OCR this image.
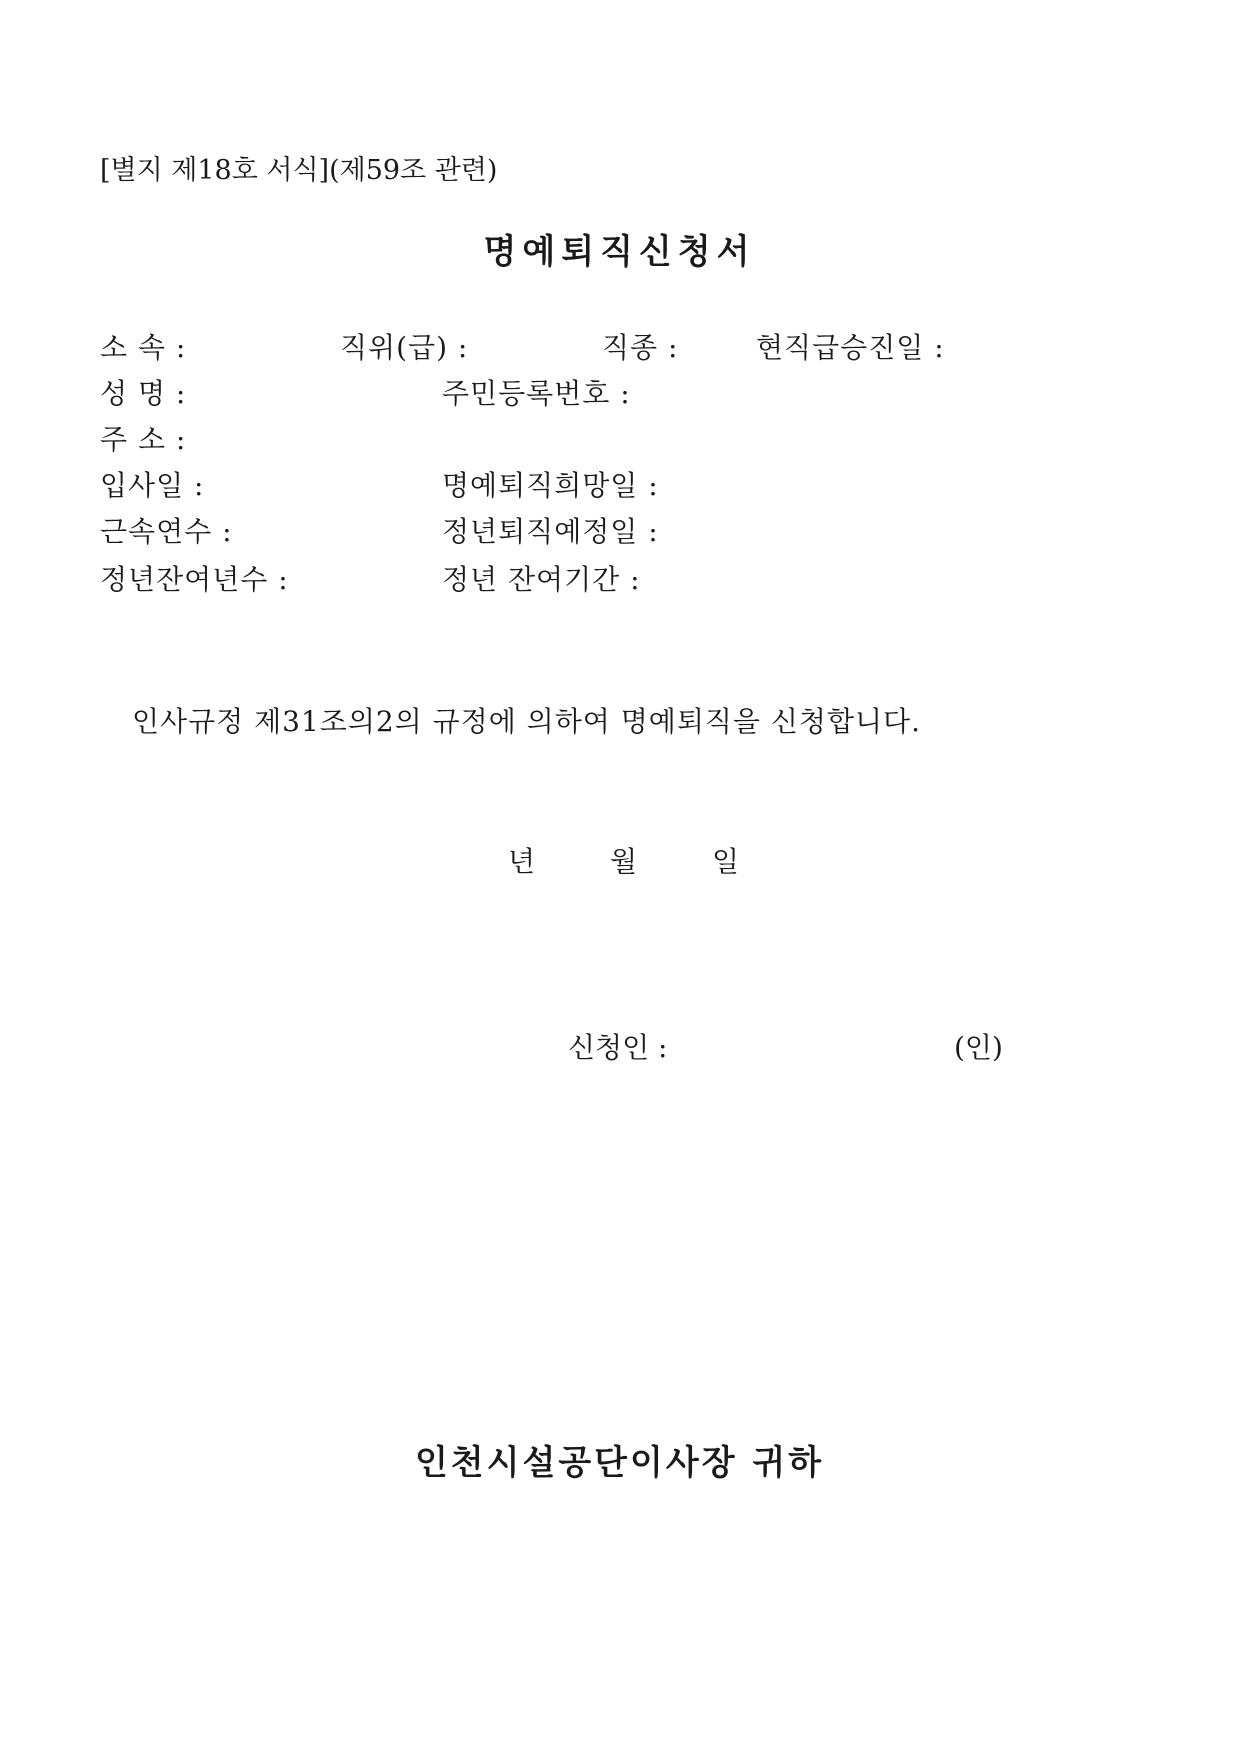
[별지 제18호 서식](제59조 관련)
명예퇴직신청서
소 속 :	직위(급) :	직종 :	현직급승진일 :
성 명 :	주민등록번호 :
주 소 :
입사일 :	명예퇴직희망일 :
근속연수 :	정년퇴직예정일 :
정년잔여년수 :	정년 잔여기간 :
인사규정 제31조의2의 규정에 의하여 명예퇴직을 신청합니다.
년	월	일
신청인 :	(인)
인천시설공단이사장 귀하
